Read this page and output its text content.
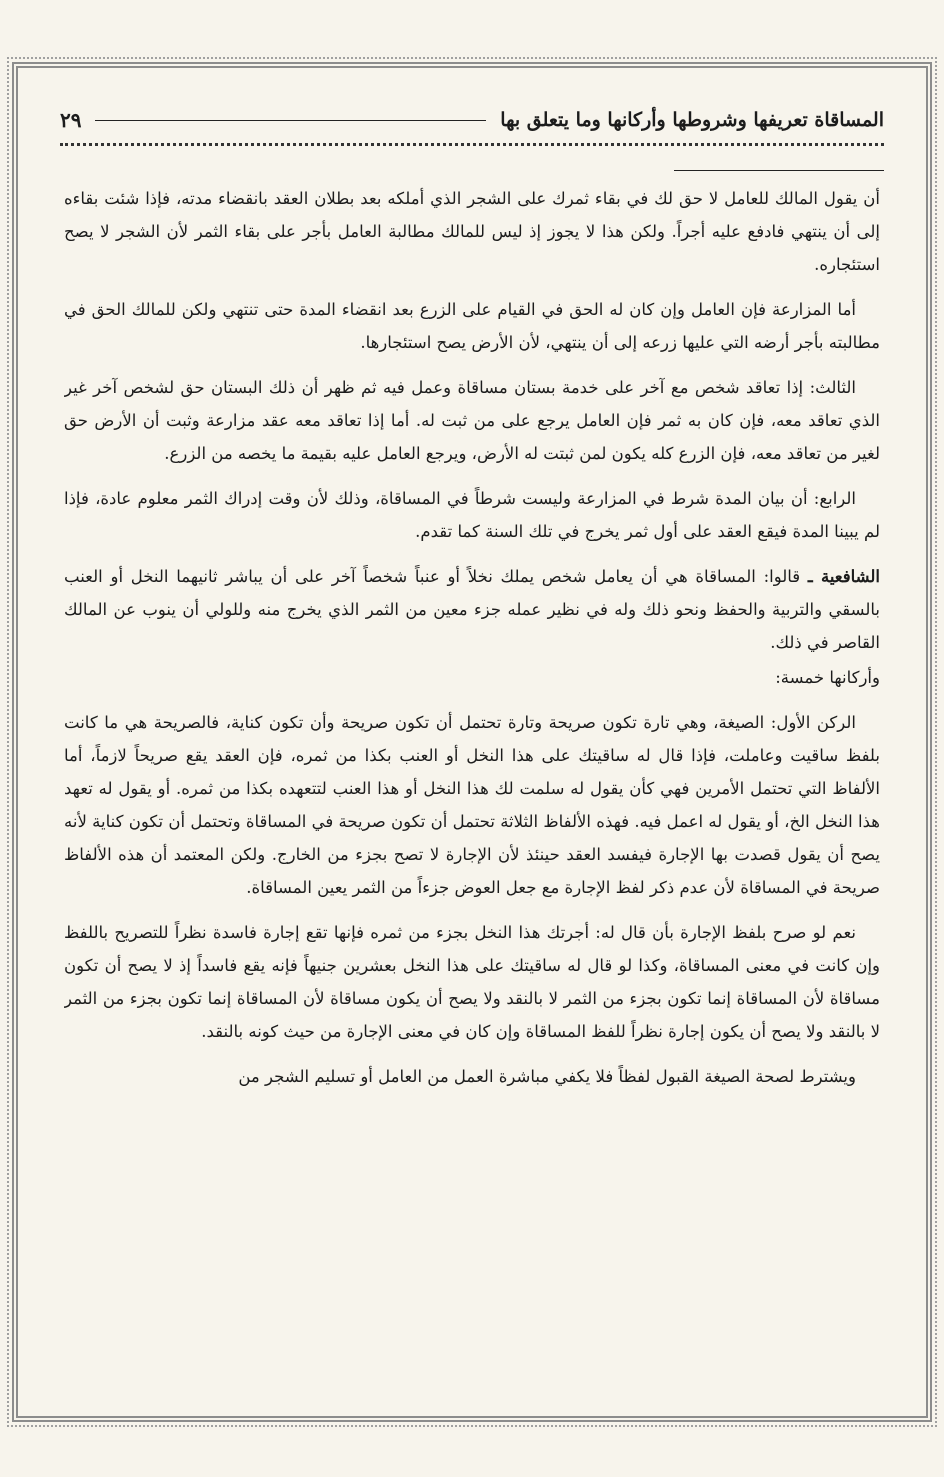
المساقاة تعريفها وشروطها وأركانها وما يتعلق بها
٢٩

أن يقول المالك للعامل لا حق لك في بقاء ثمرك على الشجر الذي أملكه بعد بطلان العقد بانقضاء مدته، فإذا شئت بقاءه إلى أن ينتهي فادفع عليه أجراً. ولكن هذا لا يجوز إذ ليس للمالك مطالبة العامل بأجر على بقاء الثمر لأن الشجر لا يصح استئجاره.

أما المزارعة فإن العامل وإن كان له الحق في القيام على الزرع بعد انقضاء المدة حتى تنتهي ولكن للمالك الحق في مطالبته بأجر أرضه التي عليها زرعه إلى أن ينتهي، لأن الأرض يصح استئجارها.

الثالث: إذا تعاقد شخص مع آخر على خدمة بستان مساقاة وعمل فيه ثم ظهر أن ذلك البستان حق لشخص آخر غير الذي تعاقد معه، فإن كان به ثمر فإن العامل يرجع على من ثبت له. أما إذا تعاقد معه عقد مزارعة وثبت أن الأرض حق لغير من تعاقد معه، فإن الزرع كله يكون لمن ثبتت له الأرض، ويرجع العامل عليه بقيمة ما يخصه من الزرع.

الرابع: أن بيان المدة شرط في المزارعة وليست شرطاً في المساقاة، وذلك لأن وقت إدراك الثمر معلوم عادة، فإذا لم يبينا المدة فيقع العقد على أول ثمر يخرج في تلك السنة كما تقدم.

الشافعية ـ قالوا: المساقاة هي أن يعامل شخص يملك نخلاً أو عنباً شخصاً آخر على أن يباشر ثانيهما النخل أو العنب بالسقي والتربية والحفظ ونحو ذلك وله في نظير عمله جزء معين من الثمر الذي يخرج منه وللولي أن ينوب عن المالك القاصر في ذلك.

وأركانها خمسة:

الركن الأول: الصيغة، وهي تارة تكون صريحة وتارة تحتمل أن تكون صريحة وأن تكون كناية، فالصريحة هي ما كانت بلفظ ساقيت وعاملت، فإذا قال له ساقيتك على هذا النخل أو العنب بكذا من ثمره، فإن العقد يقع صريحاً لازماً، أما الألفاظ التي تحتمل الأمرين فهي كأن يقول له سلمت لك هذا النخل أو هذا العنب لتتعهده بكذا من ثمره. أو يقول له تعهد هذا النخل الخ، أو يقول له اعمل فيه. فهذه الألفاظ الثلاثة تحتمل أن تكون صريحة في المساقاة وتحتمل أن تكون كناية لأنه يصح أن يقول قصدت بها الإجارة فيفسد العقد حينئذ لأن الإجارة لا تصح بجزء من الخارج. ولكن المعتمد أن هذه الألفاظ صريحة في المساقاة لأن عدم ذكر لفظ الإجارة مع جعل العوض جزءاً من الثمر يعين المساقاة.

نعم لو صرح بلفظ الإجارة بأن قال له: أجرتك هذا النخل بجزء من ثمره فإنها تقع إجارة فاسدة نظراً للتصريح باللفظ وإن كانت في معنى المساقاة، وكذا لو قال له ساقيتك على هذا النخل بعشرين جنيهاً فإنه يقع فاسداً إذ لا يصح أن تكون مساقاة لأن المساقاة إنما تكون بجزء من الثمر لا بالنقد ولا يصح أن يكون مساقاة لأن المساقاة إنما تكون بجزء من الثمر لا بالنقد ولا يصح أن يكون إجارة نظراً للفظ المساقاة وإن كان في معنى الإجارة من حيث كونه بالنقد.

ويشترط لصحة الصيغة القبول لفظاً فلا يكفي مباشرة العمل من العامل أو تسليم الشجر من
